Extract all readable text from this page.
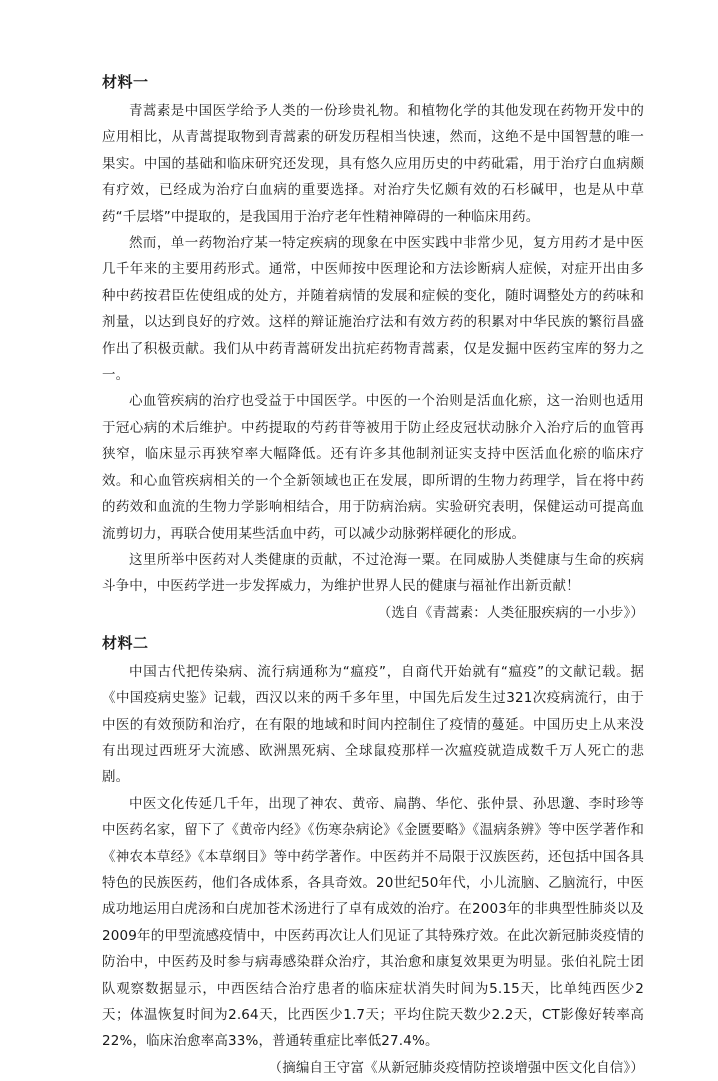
材料一

青蒿素是中国医学给予人类的一份珍贵礼物。和植物化学的其他发现在药物开发中的应用相比，从青蒿提取物到青蒿素的研发历程相当快速，然而，这绝不是中国智慧的唯一果实。中国的基础和临床研究还发现，具有悠久应用历史的中药砒霜，用于治疗白血病颇有疗效，已经成为治疗白血病的重要选择。对治疗失忆颇有效的石杉碱甲，也是从中草药“千层塔”中提取的，是我国用于治疗老年性精神障碍的一种临床用药。

然而，单一药物治疗某一特定疾病的现象在中医实践中非常少见，复方用药才是中医几千年来的主要用药形式。通常，中医师按中医理论和方法诊断病人症候，对症开出由多种中药按君臣佐使组成的处方，并随着病情的发展和症候的变化，随时调整处方的药味和剂量，以达到良好的疗效。这样的辩证施治疗法和有效方药的积累对中华民族的繁衍昌盛作出了积极贡献。我们从中药青蒿研发出抗疟药物青蒿素，仅是发掘中医药宝库的努力之一。

心血管疾病的治疗也受益于中国医学。中医的一个治则是活血化瘀，这一治则也适用于冠心病的术后维护。中药提取的芍药苷等被用于防止经皮冠状动脉介入治疗后的血管再狭窄，临床显示再狭窄率大幅降低。还有许多其他制剂证实支持中医活血化瘀的临床疗效。和心血管疾病相关的一个全新领域也正在发展，即所谓的生物力药理学，旨在将中药的药效和血流的生物力学影响相结合，用于防病治病。实验研究表明，保健运动可提高血流剪切力，再联合使用某些活血中药，可以减少动脉粥样硬化的形成。

这里所举中医药对人类健康的贡献，不过沧海一粟。在同威胁人类健康与生命的疾病斗争中，中医药学进一步发挥威力，为维护世界人民的健康与福祉作出新贡献！

（选自《青蒿素：人类征服疾病的一小步》）

材料二

中国古代把传染病、流行病通称为“瘟疫”，自商代开始就有“瘟疫”的文献记载。据《中国疫病史鉴》记载，西汉以来的两千多年里，中国先后发生过321次疫病流行，由于中医的有效预防和治疗，在有限的地域和时间内控制住了疫情的蔓延。中国历史上从来没有出现过西班牙大流感、欧洲黑死病、全球鼠疫那样一次瘟疫就造成数千万人死亡的悲剧。

中医文化传延几千年，出现了神农、黄帝、扁鹊、华佗、张仲景、孙思邈、李时珍等中医药名家，留下了《黄帝内经》《伤寒杂病论》《金匮要略》《温病条辨》等中医学著作和《神农本草经》《本草纲目》等中药学著作。中医药并不局限于汉族医药，还包括中国各具特色的民族医药，他们各成体系，各具奇效。20世纪50年代，小儿流脑、乙脑流行，中医成功地运用白虎汤和白虎加苍术汤进行了卓有成效的治疗。在2003年的非典型性肺炎以及2009年的甲型流感疫情中，中医药再次让人们见证了其特殊疗效。在此次新冠肺炎疫情的防治中，中医药及时参与病毒感染群众治疗，其治愈和康复效果更为明显。张伯礼院士团队观察数据显示，中西医结合治疗患者的临床症状消失时间为5.15天，比单纯西医少2天；体温恢复时间为2.64天，比西医少1.7天；平均住院天数少2.2天，CT影像好转率高22%，临床治愈率高33%，普通转重症比率低27.4%。

（摘编自王守富《从新冠肺炎疫情防控谈增强中医文化自信》）
